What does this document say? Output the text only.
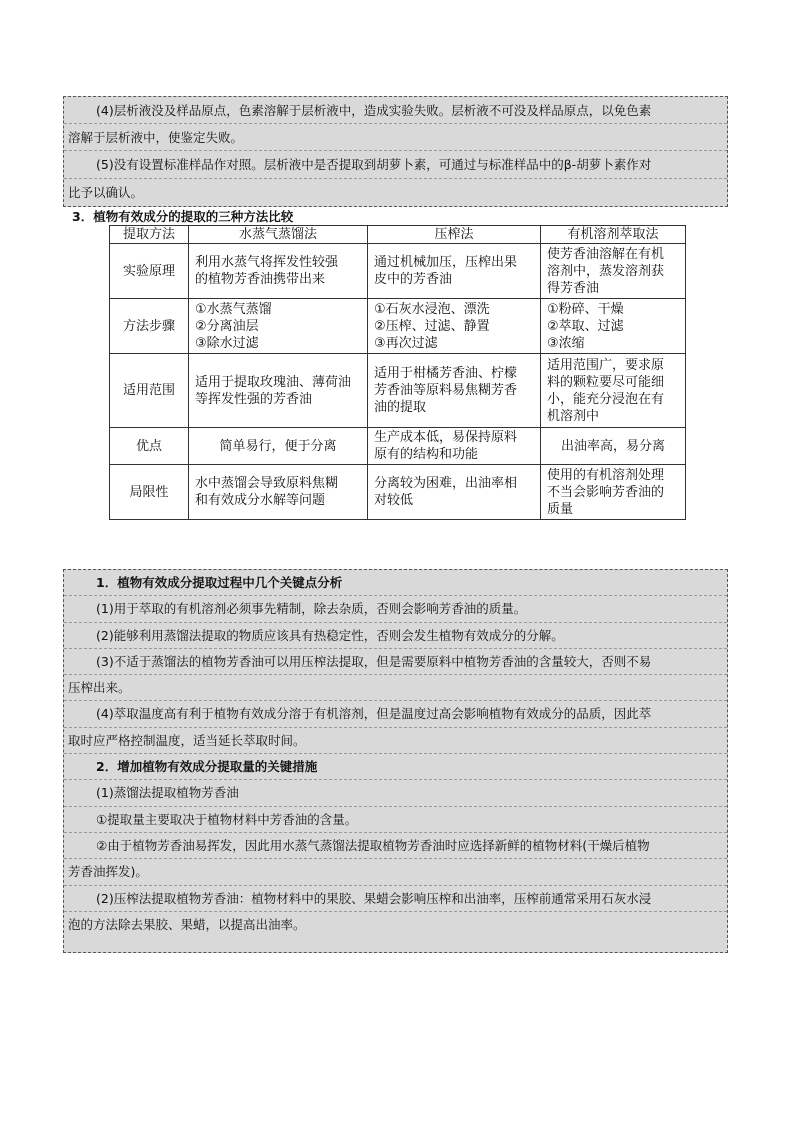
(4)层析液没及样品原点，色素溶解于层析液中，造成实验失败。层析液不可没及样品原点，以免色素
溶解于层析液中，使鉴定失败。
(5)没有设置标准样品作对照。层析液中是否提取到胡萝卜素，可通过与标准样品中的β-胡萝卜素作对
比予以确认。
3．植物有效成分的提取的三种方法比较
提取方法	水蒸气蒸馏法	压榨法	有机溶剂萃取法
实验原理	利用水蒸气将挥发性较强
的植物芳香油携带出来	通过机械加压，压榨出果
皮中的芳香油	使芳香油溶解在有机
溶剂中，蒸发溶剂获
得芳香油

方法步骤	①水蒸气蒸馏
②分离油层
③除水过滤	①石灰水浸泡、漂洗
②压榨、过滤、静置
③再次过滤	①粉碎、干燥
②萃取、过滤
③浓缩

适用范围	适用于提取玫瑰油、薄荷油
等挥发性强的芳香油	适用于柑橘芳香油、柠檬
芳香油等原料易焦糊芳香
油的提取	适用范围广，要求原
料的颗粒要尽可能细
小，能充分浸泡在有
机溶剂中

优点	简单易行，便于分离	生产成本低，易保持原料
原有的结构和功能	出油率高，易分离
局限性	水中蒸馏会导致原料焦糊
和有效成分水解等问题	分离较为困难，出油率相
对较低	使用的有机溶剂处理
不当会影响芳香油的
质量
1．植物有效成分提取过程中几个关键点分析
(1)用于萃取的有机溶剂必须事先精制，除去杂质，否则会影响芳香油的质量。
(2)能够利用蒸馏法提取的物质应该具有热稳定性，否则会发生植物有效成分的分解。
(3)不适于蒸馏法的植物芳香油可以用压榨法提取，但是需要原料中植物芳香油的含量较大，否则不易
压榨出来。
(4)萃取温度高有利于植物有效成分溶于有机溶剂，但是温度过高会影响植物有效成分的品质，因此萃
取时应严格控制温度，适当延长萃取时间。
2．增加植物有效成分提取量的关键措施
(1)蒸馏法提取植物芳香油
①提取量主要取决于植物材料中芳香油的含量。
②由于植物芳香油易挥发，因此用水蒸气蒸馏法提取植物芳香油时应选择新鲜的植物材料(干燥后植物
芳香油挥发)。
(2)压榨法提取植物芳香油：植物材料中的果胶、果蜡会影响压榨和出油率，压榨前通常采用石灰水浸
泡的方法除去果胶、果蜡，以提高出油率。
